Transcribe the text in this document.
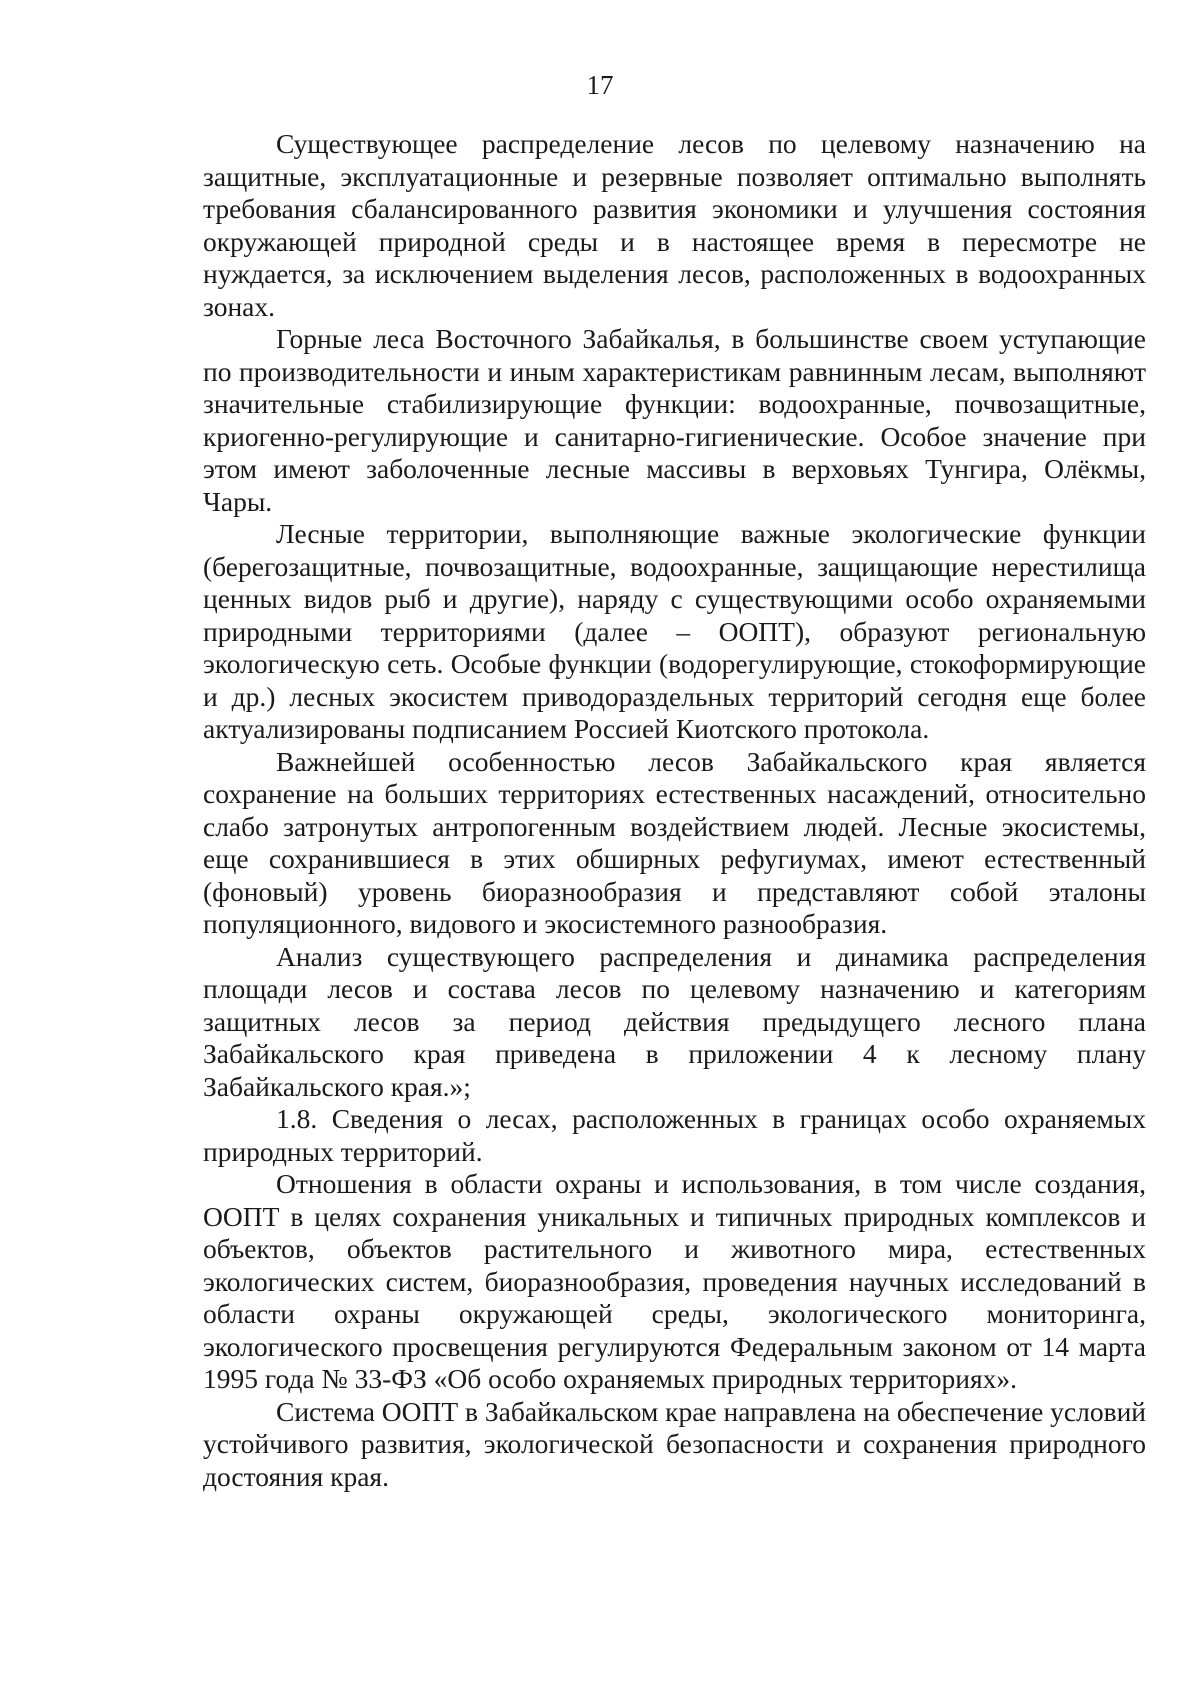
17

Существующее распределение лесов по целевому назначению на защитные, эксплуатационные и резервные позволяет оптимально выполнять требования сбалансированного развития экономики и улучшения состояния окружающей природной среды и в настоящее время в пересмотре не нуждается, за исключением выделения лесов, расположенных в водоохранных зонах.

Горные леса Восточного Забайкалья, в большинстве своем уступающие по производительности и иным характеристикам равнинным лесам, выполняют значительные стабилизирующие функции: водоохранные, почвозащитные, криогенно-регулирующие и санитарно-гигиенические. Особое значение при этом имеют заболоченные лесные массивы в верховьях Тунгира, Олёкмы, Чары.

Лесные территории, выполняющие важные экологические функции (берегозащитные, почвозащитные, водоохранные, защищающие нерестилища ценных видов рыб и другие), наряду с существующими особо охраняемыми природными территориями (далее – ООПТ), образуют региональную экологическую сеть. Особые функции (водорегулирующие, стокоформирующие и др.) лесных экосистем приводораздельных территорий сегодня еще более актуализированы подписанием Россией Киотского протокола.

Важнейшей особенностью лесов Забайкальского края является сохранение на больших территориях естественных насаждений, относительно слабо затронутых антропогенным воздействием людей. Лесные экосистемы, еще сохранившиеся в этих обширных рефугиумах, имеют естественный (фоновый) уровень биоразнообразия и представляют собой эталоны популяционного, видового и экосистемного разнообразия.

Анализ существующего распределения и динамика распределения площади лесов и состава лесов по целевому назначению и категориям защитных лесов за период действия предыдущего лесного плана Забайкальского края приведена в приложении 4 к лесному плану Забайкальского края.»;

1.8. Сведения о лесах, расположенных в границах особо охраняемых природных территорий.

Отношения в области охраны и использования, в том числе создания, ООПТ в целях сохранения уникальных и типичных природных комплексов и объектов, объектов растительного и животного мира, естественных экологических систем, биоразнообразия, проведения научных исследований в области охраны окружающей среды, экологического мониторинга, экологического просвещения регулируются Федеральным законом от 14 марта 1995 года № 33-ФЗ «Об особо охраняемых природных территориях».

Система ООПТ в Забайкальском крае направлена на обеспечение условий устойчивого развития, экологической безопасности и сохранения природного достояния края.
